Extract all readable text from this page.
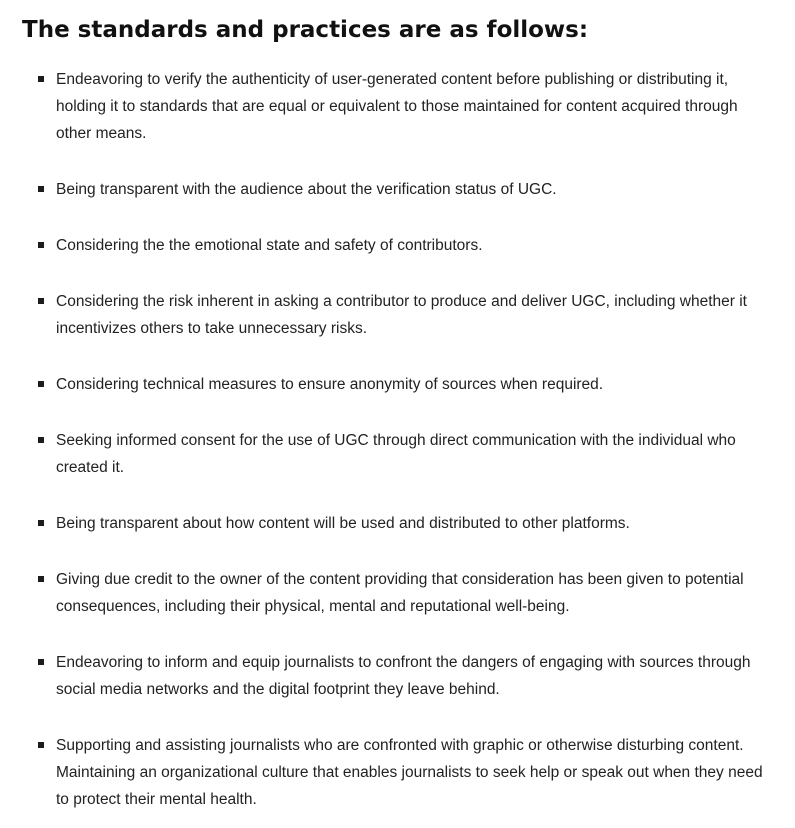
The standards and practices are as follows:
Endeavoring to verify the authenticity of user-generated content before publishing or distributing it, holding it to standards that are equal or equivalent to those maintained for content acquired through other means.
Being transparent with the audience about the verification status of UGC.
Considering the the emotional state and safety of contributors.
Considering the risk inherent in asking a contributor to produce and deliver UGC, including whether it incentivizes others to take unnecessary risks.
Considering technical measures to ensure anonymity of sources when required.
Seeking informed consent for the use of UGC through direct communication with the individual who created it.
Being transparent about how content will be used and distributed to other platforms.
Giving due credit to the owner of the content providing that consideration has been given to potential consequences, including their physical, mental and reputational well-being.
Endeavoring to inform and equip journalists to confront the dangers of engaging with sources through social media networks and the digital footprint they leave behind.
Supporting and assisting journalists who are confronted with graphic or otherwise disturbing content. Maintaining an organizational culture that enables journalists to seek help or speak out when they need to protect their mental health.
